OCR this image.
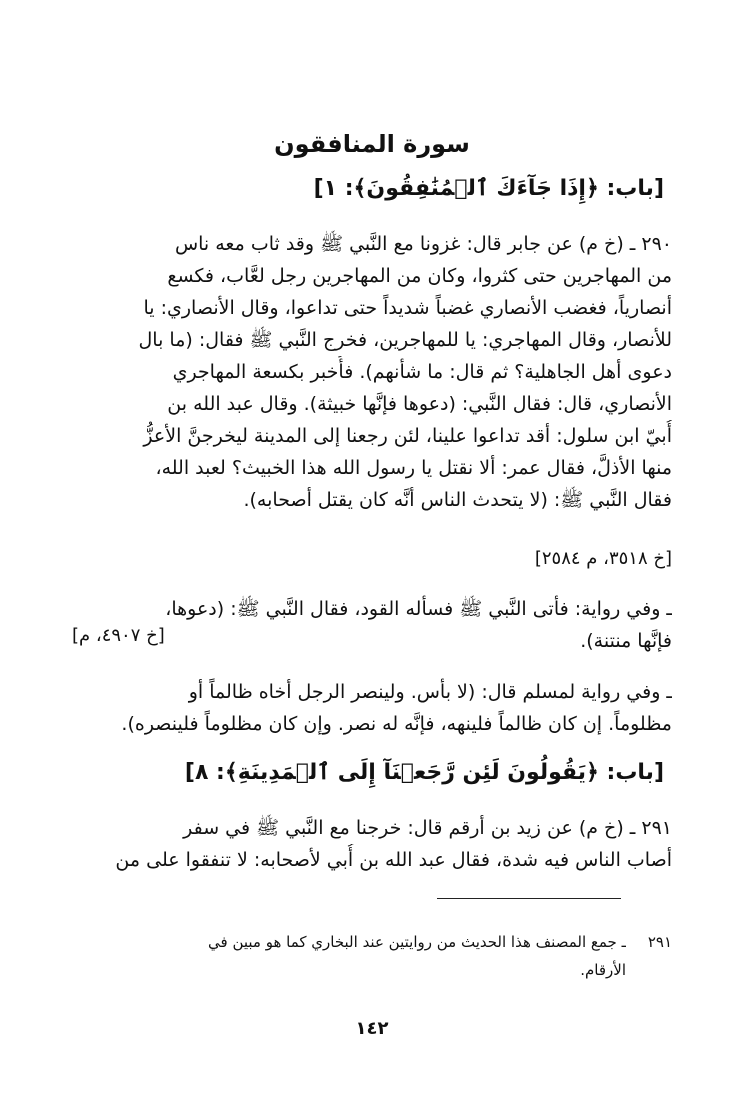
سورة المنافقون
[باب: ﴿إِذَا جَآءَكَ ٱلۡمُنَٰفِقُونَ﴾: ١]
٢٩٠ ـ (خ م) عن جابر قال: غزونا مع النَّبي ﷺ وقد ثاب معه ناس
من المهاجرين حتى كثروا، وكان من المهاجرين رجل لعَّاب، فكسع
أنصارياً، فغضب الأنصاري غضباً شديداً حتى تداعوا، وقال الأنصاري: يا
للأنصار، وقال المهاجري: يا للمهاجرين، فخرج النَّبي ﷺ فقال: (ما بال
دعوى أهل الجاهلية؟ ثم قال: ما شأنهم). فأُخبر بكسعة المهاجري
الأنصاري، قال: فقال النَّبي: (دعوها فإنَّها خبيثة). وقال عبد الله بن
أُبيّ ابن سلول: أقد تداعوا علينا، لئن رجعنا إلى المدينة ليخرجنَّ الأعزُّ
منها الأذلَّ، فقال عمر: ألا نقتل يا رسول الله هذا الخبيث؟ لعبد الله،
فقال النَّبي ﷺ: (لا يتحدث الناس أنَّه كان يقتل أصحابه).
[خ ٣٥١٨، م ٢٥٨٤]
ـ وفي رواية: فأتى النَّبي ﷺ فسأله القود، فقال النَّبي ﷺ: (دعوها،
فإنَّها منتنة).
[خ ٤٩٠٧، م]
ـ وفي رواية لمسلم قال: (لا بأس. ولينصر الرجل أخاه ظالماً أو
مظلوماً. إن كان ظالماً فلينهه، فإنَّه له نصر. وإن كان مظلوماً فلينصره).
[باب: ﴿يَقُولُونَ لَئِن رَّجَعۡنَآ إِلَى ٱلۡمَدِينَةِ﴾: ٨]
٢٩١ ـ (خ م) عن زيد بن أرقم قال: خرجنا مع النَّبي ﷺ في سفر
أصاب الناس فيه شدة، فقال عبد الله بن أُبي لأصحابه: لا تنفقوا على من
٢٩١
ـ جمع المصنف هذا الحديث من روايتين عند البخاري كما هو مبين في
الأرقام.
١٤٢
